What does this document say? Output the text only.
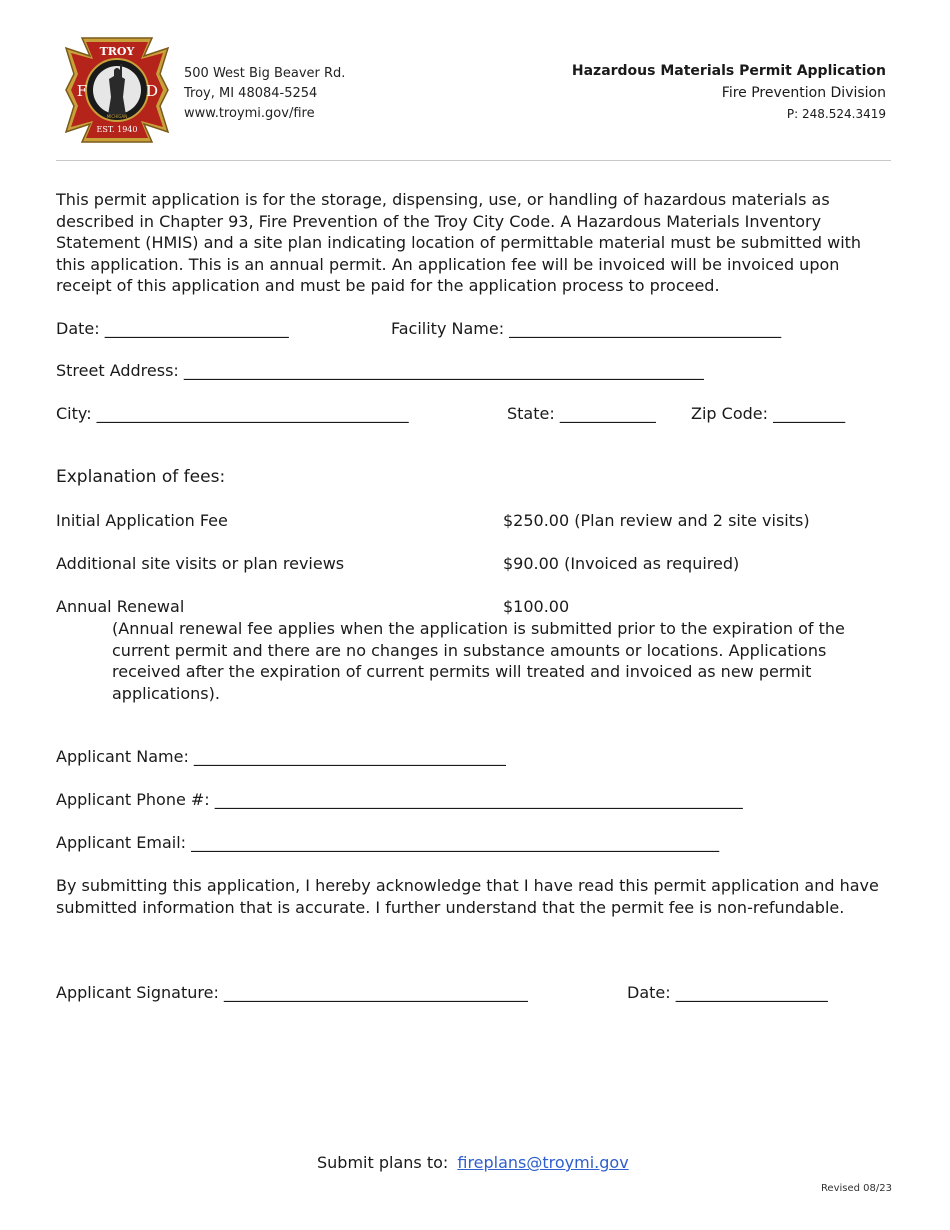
TROY
F	D
MICHIGAN
EST. 1940
500 West Big Beaver Rd.
Troy, MI 48084-5254
www.troymi.gov/fire
Hazardous Materials Permit Application
Fire Prevention Division
P: 248.524.3419
This permit application is for the storage, dispensing, use, or handling of hazardous materials as
described in Chapter 93, Fire Prevention of the Troy City Code. A Hazardous Materials Inventory
Statement (HMIS) and a site plan indicating location of permittable material must be submitted with
this application. This is an annual permit. An application fee will be invoiced will be invoiced upon
receipt of this application and must be paid for the application process to proceed.
Date: _______________________	Facility Name: __________________________________
Street Address: _________________________________________________________________
City: _______________________________________	State: ____________ Zip Code: _________
Explanation of fees:
Initial Application Fee	$250.00 (Plan review and 2 site visits)
Additional site visits or plan reviews	$90.00 (Invoiced as required)
Annual Renewal	$100.00
(Annual renewal fee applies when the application is submitted prior to the expiration of the
current permit and there are no changes in substance amounts or locations. Applications
received after the expiration of current permits will treated and invoiced as new permit
applications).
Applicant Name: _______________________________________
Applicant Phone #: __________________________________________________________________
Applicant Email: __________________________________________________________________
By submitting this application, I hereby acknowledge that I have read this permit application and have
submitted information that is accurate. I further understand that the permit fee is non-refundable.
Applicant Signature: ______________________________________	Date: ___________________
Submit plans to: fireplans@troymi.gov
Revised 08/23
